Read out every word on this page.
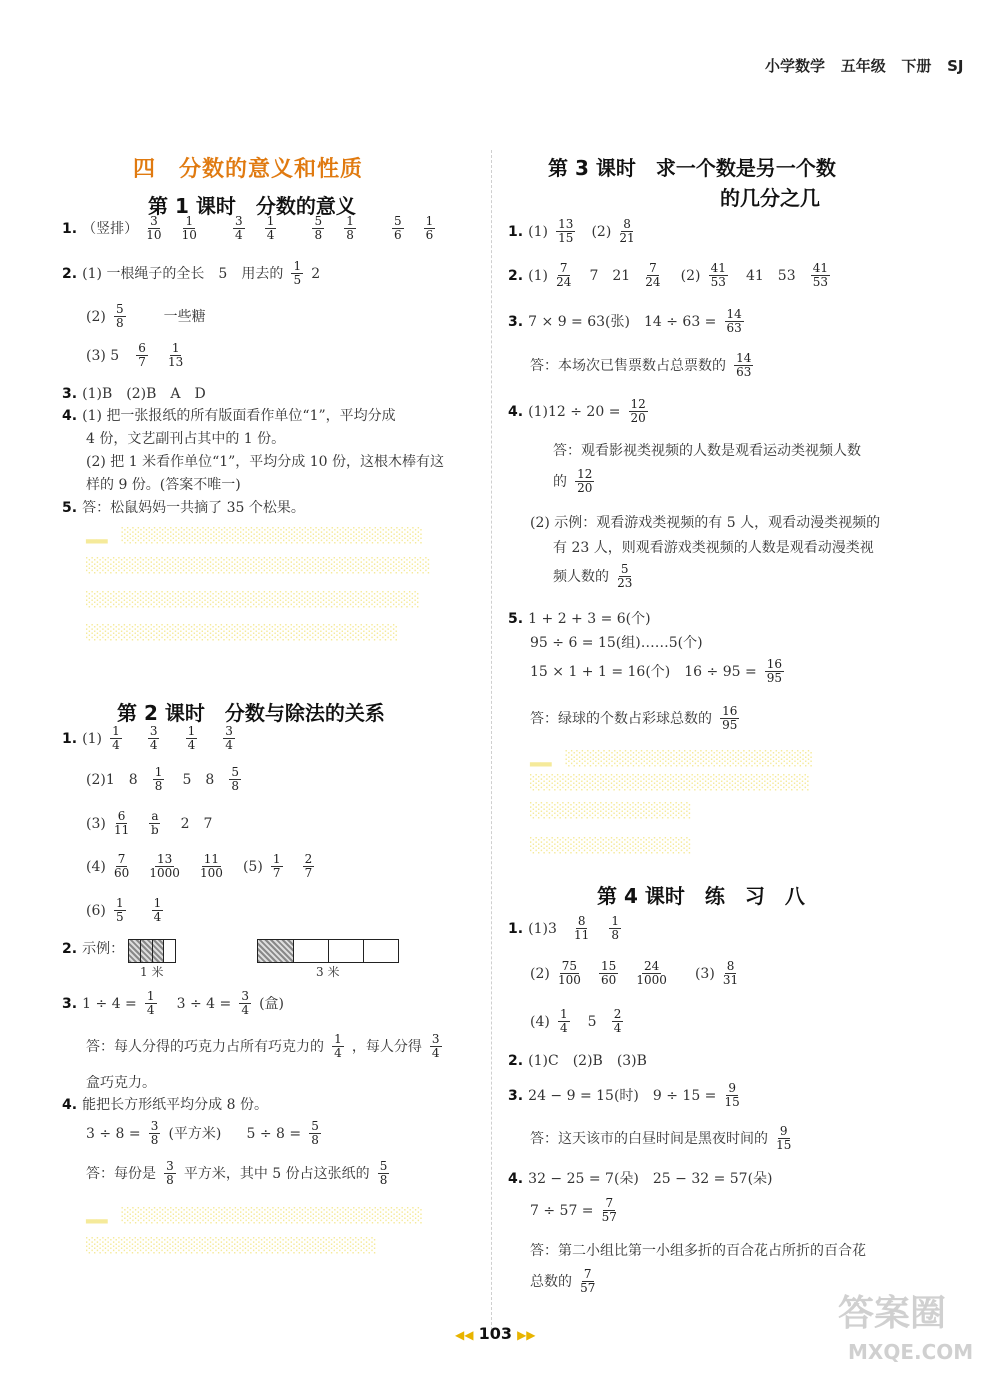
小学数学 五年级 下册 SJ
四　分数的意义和性质
第 1 课时　分数的意义
1. （竖排） $\frac{3}{10}$
$\frac{1}{10}$
	$\frac{3}{4}$
$\frac{1}{4}$
	$\frac{5}{8}$
$\frac{1}{8}$
	$\frac{5}{6}$
$\frac{1}{6}$
2. (1) 一根绳子的全长　5　用去的 $\frac{1}{5} 2$
$(2) \frac{5}{8}$	一些糖
(3) $5 \frac{6}{7}$
$\frac{1}{13}$
3. (1)B　(2)B　A　D
4. (1) 把一张报纸的所有版面看作单位“1”，平均分成
4 份，文艺副刊占其中的 1 份。
(2) 把 1 米看作单位“1”，平均分成 10 份，这根木棒有这
样的 9 份。(答案不唯一)
5. 答：松鼠妈妈一共摘了 35 个松果。
▂▂　░░░░░░░░░░░░░░░░░░░░░░░░░░░░
░░░░░░░░░░░░░░░░░░░░░░░░░░░░░░░░
░░░░░░░░░░░░░░░░░░░░░░░░░░░░░░░
░░░░░░░░░░░░░░░░░░░░░░░░░░░░░
第 2 课时　分数与除法的关系
1. $(1) \frac{1}{4}$
$\frac{3}{4}$
$\frac{1}{4}$
$\frac{3}{4}$
(2)1　$8 \frac{1}{8} 5$　$8 \frac{5}{8}$
$(3) \frac{6}{11}$
$\frac{a}{b} 2$　7
$(4) \frac{7}{60}$
$\frac{13}{1000}$
$\frac{11}{100} (5) \frac{1}{7}$
$\frac{2}{7}$
$(6) \frac{1}{5}$
$\frac{1}{4}$
2. 示例：
1 米	3 米
3. $1 \div 4 = \frac{1}{4} 3 \div 4 = \frac{3}{4}$ (盒)
答：每人分得的巧克力占所有巧克力的 $\frac{1}{4}$ ，每人分得 $\frac{3}{4}$
盒巧克力。
4. 能把长方形纸平均分成 8 份。
$3 \div 8 = \frac{3}{8}$ (平方米) $5 \div 8 = \frac{5}{8}$
答：每份是 $\frac{3}{8}$ 平方米，其中 5 份占这张纸的 $\frac{5}{8}$
▂▂　░░░░░░░░░░░░░░░░░░░░░░░░░░░░
░░░░░░░░░░░░░░░░░░░░░░░░░░░
第 3 课时　求一个数是另一个数
的几分之几
1. $(1) \frac{13}{15} (2) \frac{8}{21}$
2. $(1) \frac{7}{24} 7$　$21 \frac{7}{24} (2) \frac{41}{53} 41$　$53 \frac{41}{53}$
3. 7 × 9 = 63(张)　$14 \div 63 = \frac{14}{63}$
答：本场次已售票数占总票数的 $\frac{14}{63}$
4. $(1)12 \div 20 = \frac{12}{20}$
答：观看影视类视频的人数是观看运动类视频人数
的 $\frac{12}{20}$
(2) 示例：观看游戏类视频的有 5 人，观看动漫类视频的
有 23 人，则观看游戏类视频的人数是观看动漫类视
频人数的 $\frac{5}{23}$
5. 1 + 2 + 3 = 6(个)
95 ÷ 6 = 15(组)……5(个)
15 × 1 + 1 = 16(个)　$16 \div 95 = \frac{16}{95}$
答：绿球的个数占彩球总数的 $\frac{16}{95}$
▂▂　░░░░░░░░░░░░░░░░░░░░░░░
░░░░░░░░░░░░░░░░░░░░░░░░░░
░░░░░░░░░░░░░░░
░░░░░░░░░░░░░░░
第 4 课时　练　习　八
1. $(1)3 \frac{8}{11}$
$\frac{1}{8}$
$(2) \frac{75}{100}$
$\frac{15}{60}$
$\frac{24}{1000} (3) \frac{8}{31}$
$(4) \frac{1}{4} 5 \frac{2}{4}$
2. (1)C　(2)B　(3)B
3. 24 − 9 = 15(时)　$9 \div 15 = \frac{9}{15}$
答：这天该市的白昼时间是黑夜时间的 $\frac{9}{15}$
4. 32 − 25 = 7(朵)　25 − 32 = 57(朵)
$7 \div 57 = \frac{7}{57}$
答：第二小组比第一小组多折的百合花占所折的百合花
总数的 $\frac{7}{57}$
◀◀ 103 ▶▶
答案圈
MXQE.COM
